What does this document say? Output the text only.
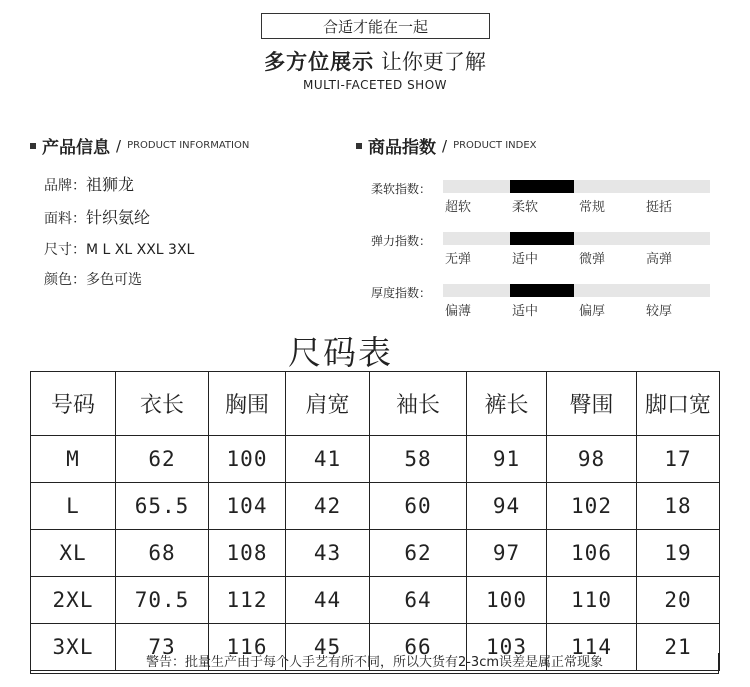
合适才能在一起
多方位展示 让你更了解
MULTI-FACETED SHOW
产品信息 / PRODUCT INFORMATION
品牌：祖狮龙
面料：针织氨纶
尺寸：M L XL XXL 3XL
颜色：多色可选
商品指数 / PRODUCT INDEX
柔软指数：
超软	柔软	常规	挺括
弹力指数：
无弹	适中	微弹	高弹
厚度指数：
偏薄	适中	偏厚	较厚
尺码表
号码	衣长	胸围	肩宽	袖长	裤长	臀围	脚口宽
M	62	100	41	58	91	98	17
L	65.5	104	42	60	94	102	18
XL	68	108	43	62	97	106	19
2XL	70.5	112	44	64	100	110	20
3XL	73	116	45	66	103	114	21
警告：批量生产由于每个人手艺有所不同，所以大货有2-3cm误差是属正常现象
